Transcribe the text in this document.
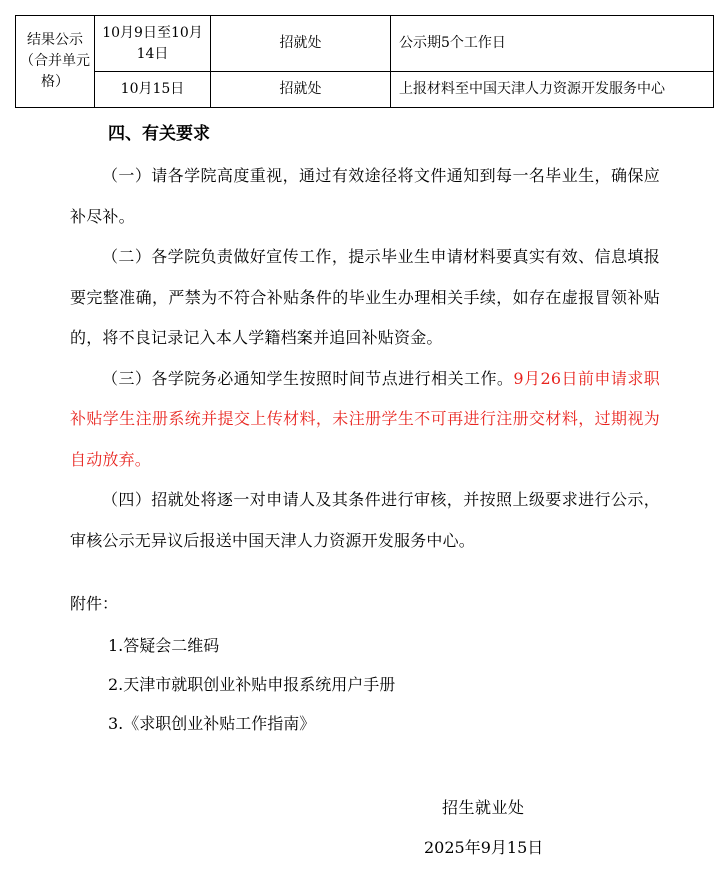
结果公示（合并单元格）	10月9日至10月14日	招就处	公示期5个工作日
	10月15日	招就处	上报材料至中国天津人力资源开发服务中心
四、有关要求

（一）请各学院高度重视，通过有效途径将文件通知到每一名毕业生，确保应补尽补。

（二）各学院负责做好宣传工作，提示毕业生申请材料要真实有效、信息填报要完整准确，严禁为不符合补贴条件的毕业生办理相关手续，如存在虚报冒领补贴的，将不良记录记入本人学籍档案并追回补贴资金。

（三）各学院务必通知学生按照时间节点进行相关工作。9月26日前申请求职补贴学生注册系统并提交上传材料，未注册学生不可再进行注册交材料，过期视为自动放弃。

（四）招就处将逐一对申请人及其条件进行审核，并按照上级要求进行公示，审核公示无异议后报送中国天津人力资源开发服务中心。

附件：
1.答疑会二维码
2.天津市就职创业补贴申报系统用户手册
3.《求职创业补贴工作指南》
招生就业处
2025年9月15日
